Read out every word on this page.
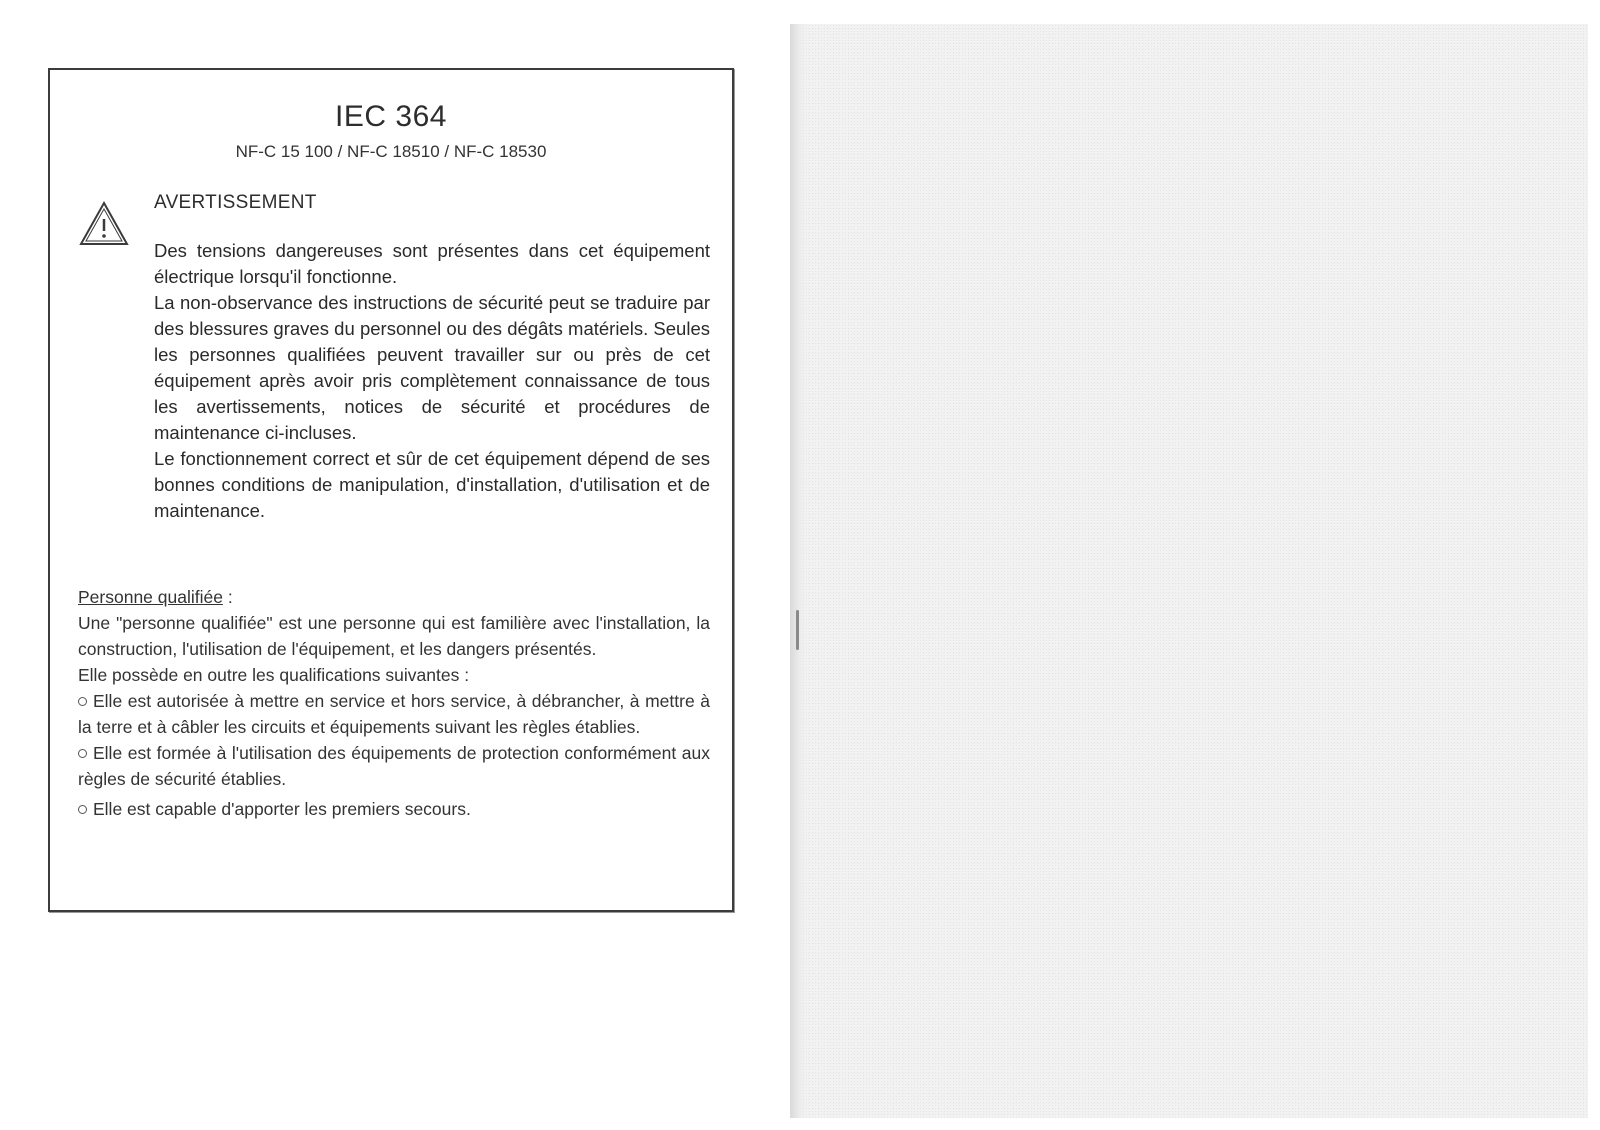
IEC 364
NF-C 15 100 / NF-C 18510 / NF-C 18530
AVERTISSEMENT

Des tensions dangereuses sont présentes dans cet équipement électrique lorsqu'il fonctionne.

La non-observance des instructions de sécurité peut se traduire par des blessures graves du personnel ou des dégâts matériels. Seules les personnes qualifiées peuvent travailler sur ou près de cet équipement après avoir pris complètement connaissance de tous les avertissements, notices de sécurité et procédures de maintenance ci-incluses.

Le fonctionnement correct et sûr de cet équipement dépend de ses bonnes conditions de manipulation, d'installation, d'utilisation et de maintenance.

Personne qualifiée :

Une "personne qualifiée" est une personne qui est familière avec l'installation, la construction, l'utilisation de l'équipement, et les dangers présentés.

Elle possède en outre les qualifications suivantes :

Elle est autorisée à mettre en service et hors service, à débrancher, à mettre à la terre et à câbler les circuits et équipements suivant les règles établies.

Elle est formée à l'utilisation des équipements de protection conformément aux règles de sécurité établies.

Elle est capable d'apporter les premiers secours.
